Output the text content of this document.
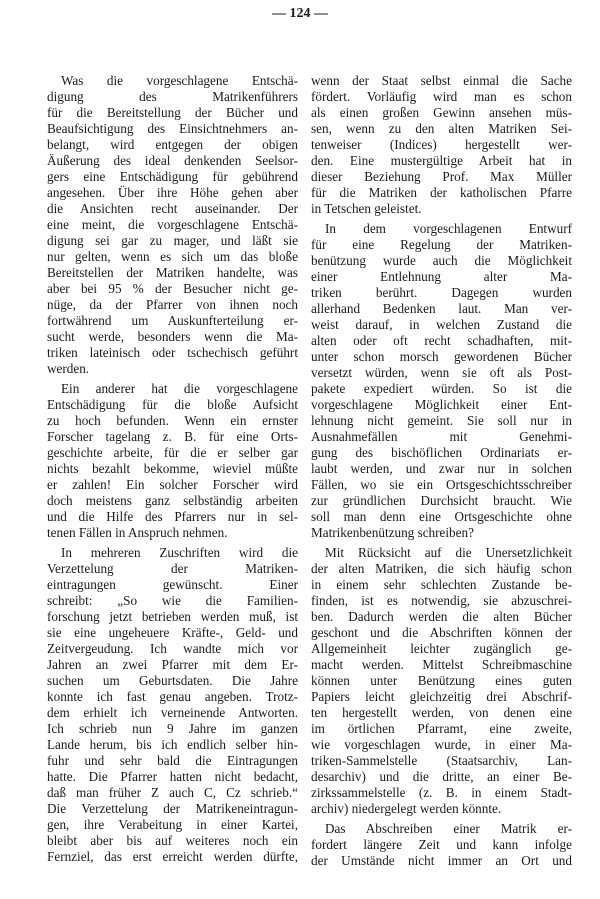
— 124 —
Was die vorgeschlagene Entschä-
digung des Matrikenführers
für die Bereitstellung der Bücher und
Beaufsichtigung des Einsichtnehmers an-
belangt, wird entgegen der obigen
Äußerung des ideal denkenden Seelsor-
gers eine Entschädigung für gebührend
angesehen. Über ihre Höhe gehen aber
die Ansichten recht auseinander. Der
eine meint, die vorgeschlagene Entschä-
digung sei gar zu mager, und läßt sie
nur gelten, wenn es sich um das bloße
Bereitstellen der Matriken handelte, was
aber bei 95 % der Besucher nicht ge-
nüge, da der Pfarrer von ihnen noch
fortwährend um Auskunfterteilung er-
sucht werde, besonders wenn die Ma-
triken lateinisch oder tschechisch geführt
werden.
Ein anderer hat die vorgeschlagene
Entschädigung für die bloße Aufsicht
zu hoch befunden. Wenn ein ernster
Forscher tagelang z. B. für eine Orts-
geschichte arbeite, für die er selber gar
nichts bezahlt bekomme, wieviel müßte
er zahlen! Ein solcher Forscher wird
doch meistens ganz selbständig arbeiten
und die Hilfe des Pfarrers nur in sel-
tenen Fällen in Anspruch nehmen.
In mehreren Zuschriften wird die
Verzettelung der Matriken-
eintragungen gewünscht. Einer
schreibt: „So wie die Familien-
forschung jetzt betrieben werden muß, ist
sie eine ungeheuere Kräfte-, Geld- und
Zeitvergeudung. Ich wandte mich vor
Jahren an zwei Pfarrer mit dem Er-
suchen um Geburtsdaten. Die Jahre
konnte ich fast genau angeben. Trotz-
dem erhielt ich verneinende Antworten.
Ich schrieb nun 9 Jahre im ganzen
Lande herum, bis ich endlich selber hin-
fuhr und sehr bald die Eintragungen
hatte. Die Pfarrer hatten nicht bedacht,
daß man früher Z auch C, Cz schrieb.“
Die Verzettelung der Matrikeneintragun-
gen, ihre Verabeitung in einer Kartei,
bleibt aber bis auf weiteres noch ein
Fernziel, das erst erreicht werden dürfte,
wenn der Staat selbst einmal die Sache
fördert. Vorläufig wird man es schon
als einen großen Gewinn ansehen müs-
sen, wenn zu den alten Matriken Sei-
tenweiser (Indices) hergestellt wer-
den. Eine mustergültige Arbeit hat in
dieser Beziehung Prof. Max Müller
für die Matriken der katholischen Pfarre
in Tetschen geleistet.
In dem vorgeschlagenen Entwurf
für eine Regelung der Matriken-
benützung wurde auch die Möglichkeit
einer Entlehnung alter Ma-
triken berührt. Dagegen wurden
allerhand Bedenken laut. Man ver-
weist darauf, in welchen Zustand die
alten oder oft recht schadhaften, mit-
unter schon morsch gewordenen Bücher
versetzt würden, wenn sie oft als Post-
pakete expediert würden. So ist die
vorgeschlagene Möglichkeit einer Ent-
lehnung nicht gemeint. Sie soll nur in
Ausnahmefällen mit Genehmi-
gung des bischöflichen Ordinariats er-
laubt werden, und zwar nur in solchen
Fällen, wo sie ein Ortsgeschichtsschreiber
zur gründlichen Durchsicht braucht. Wie
soll man denn eine Ortsgeschichte ohne
Matrikenbenützung schreiben?
Mit Rücksicht auf die Unersetzlichkeit
der alten Matriken, die sich häufig schon
in einem sehr schlechten Zustande be-
finden, ist es notwendig, sie abzuschrei-
ben. Dadurch werden die alten Bücher
geschont und die Abschriften können der
Allgemeinheit leichter zugänglich ge-
macht werden. Mittelst Schreibmaschine
können unter Benützung eines guten
Papiers leicht gleichzeitig drei Abschrif-
ten hergestellt werden, von denen eine
im örtlichen Pfarramt, eine zweite,
wie vorgeschlagen wurde, in einer Ma-
triken-Sammelstelle (Staatsarchiv, Lan-
desarchiv) und die dritte, an einer Be-
zirkssammelstelle (z. B. in einem Stadt-
archiv) niedergelegt werden könnte.
Das Abschreiben einer Matrik er-
fordert längere Zeit und kann infolge
der Umstände nicht immer an Ort und
